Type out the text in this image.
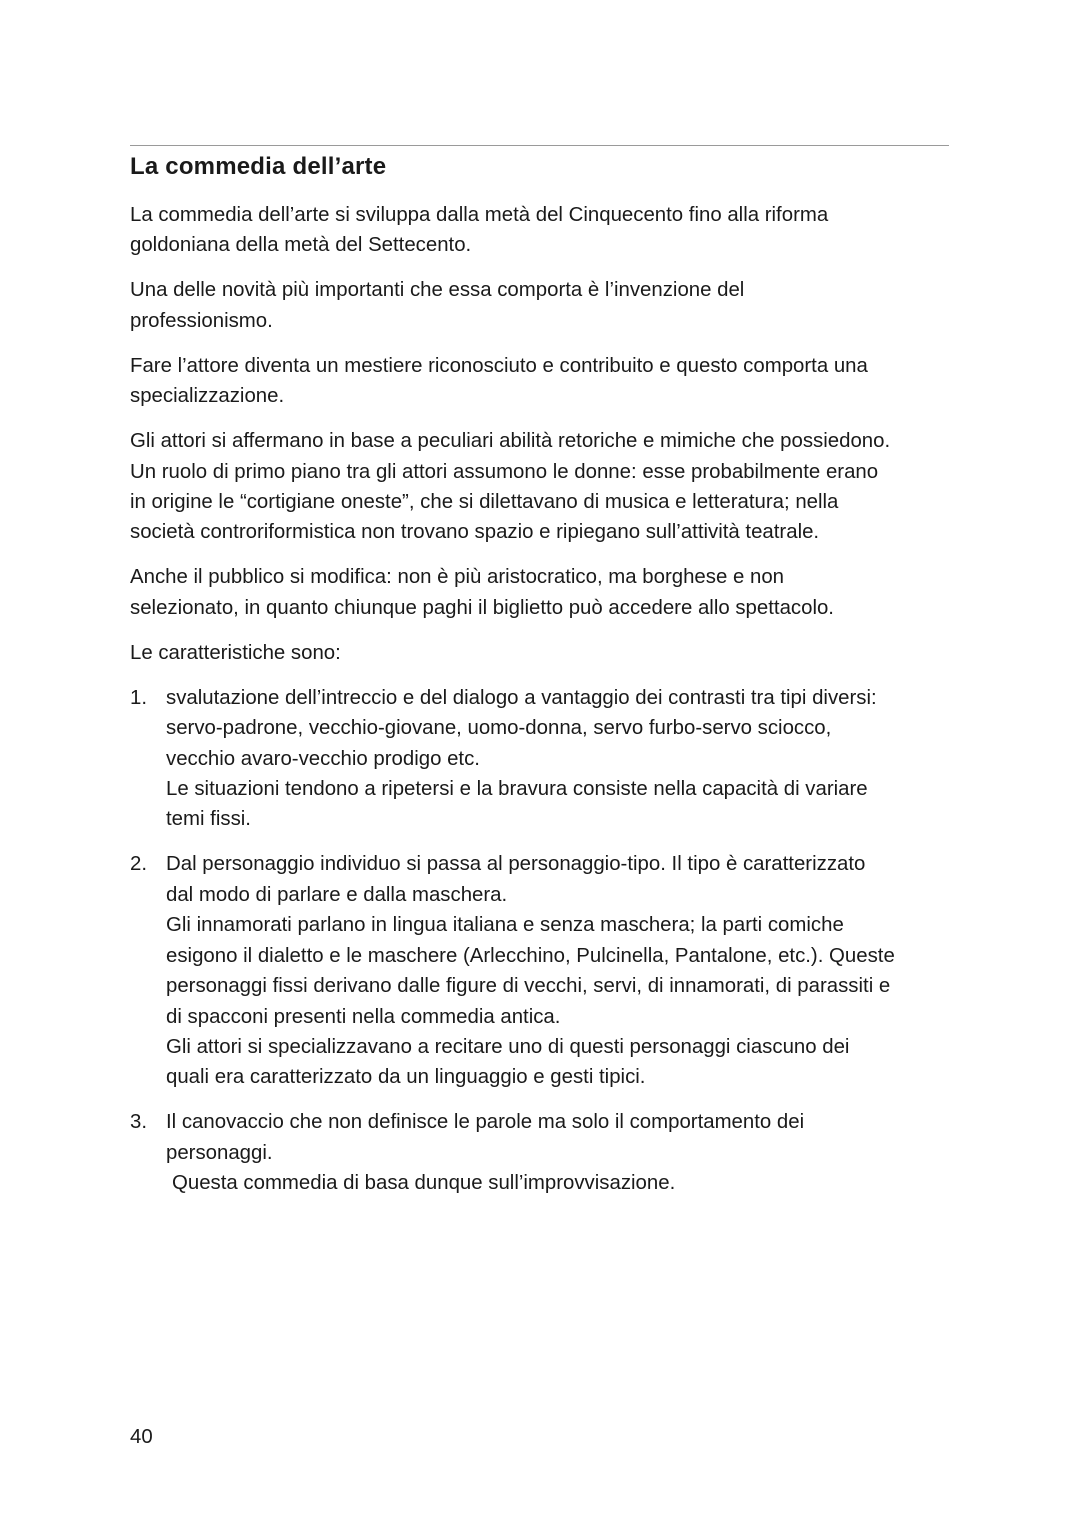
La commedia dell’arte

La commedia dell’arte si sviluppa dalla metà del Cinquecento fino alla riforma
goldoniana della metà del Settecento.

Una delle novità più importanti che essa comporta è l’invenzione del
professionismo.

Fare l’attore diventa un mestiere riconosciuto e contribuito e questo comporta una
specializzazione.

Gli attori si affermano in base a peculiari abilità retoriche e mimiche che possiedono.
Un ruolo di primo piano tra gli attori assumono le donne: esse probabilmente erano
in origine le “cortigiane oneste”, che si dilettavano di musica e letteratura; nella
società controriformistica non trovano spazio e ripiegano sull’attività teatrale.

Anche il pubblico si modifica: non è più aristocratico, ma borghese e non
selezionato, in quanto chiunque paghi il biglietto può accedere allo spettacolo.

Le caratteristiche sono:

1. svalutazione dell’intreccio e del dialogo a vantaggio dei contrasti tra tipi diversi:
servo-padrone, vecchio-giovane, uomo-donna, servo furbo-servo sciocco,
vecchio avaro-vecchio prodigo etc.
Le situazioni tendono a ripetersi e la bravura consiste nella capacità di variare
temi fissi.
2. Dal personaggio individuo si passa al personaggio-tipo. Il tipo è caratterizzato
dal modo di parlare e dalla maschera.
Gli innamorati parlano in lingua italiana e senza maschera; la parti comiche
esigono il dialetto e le maschere (Arlecchino, Pulcinella, Pantalone, etc.). Queste
personaggi fissi derivano dalle figure di vecchi, servi, di innamorati, di parassiti e
di spacconi presenti nella commedia antica.
Gli attori si specializzavano a recitare uno di questi personaggi ciascuno dei
quali era caratterizzato da un linguaggio e gesti tipici.
3. Il canovaccio che non definisce le parole ma solo il comportamento dei
personaggi.
Questa commedia di basa dunque sull’improvvisazione.
40
